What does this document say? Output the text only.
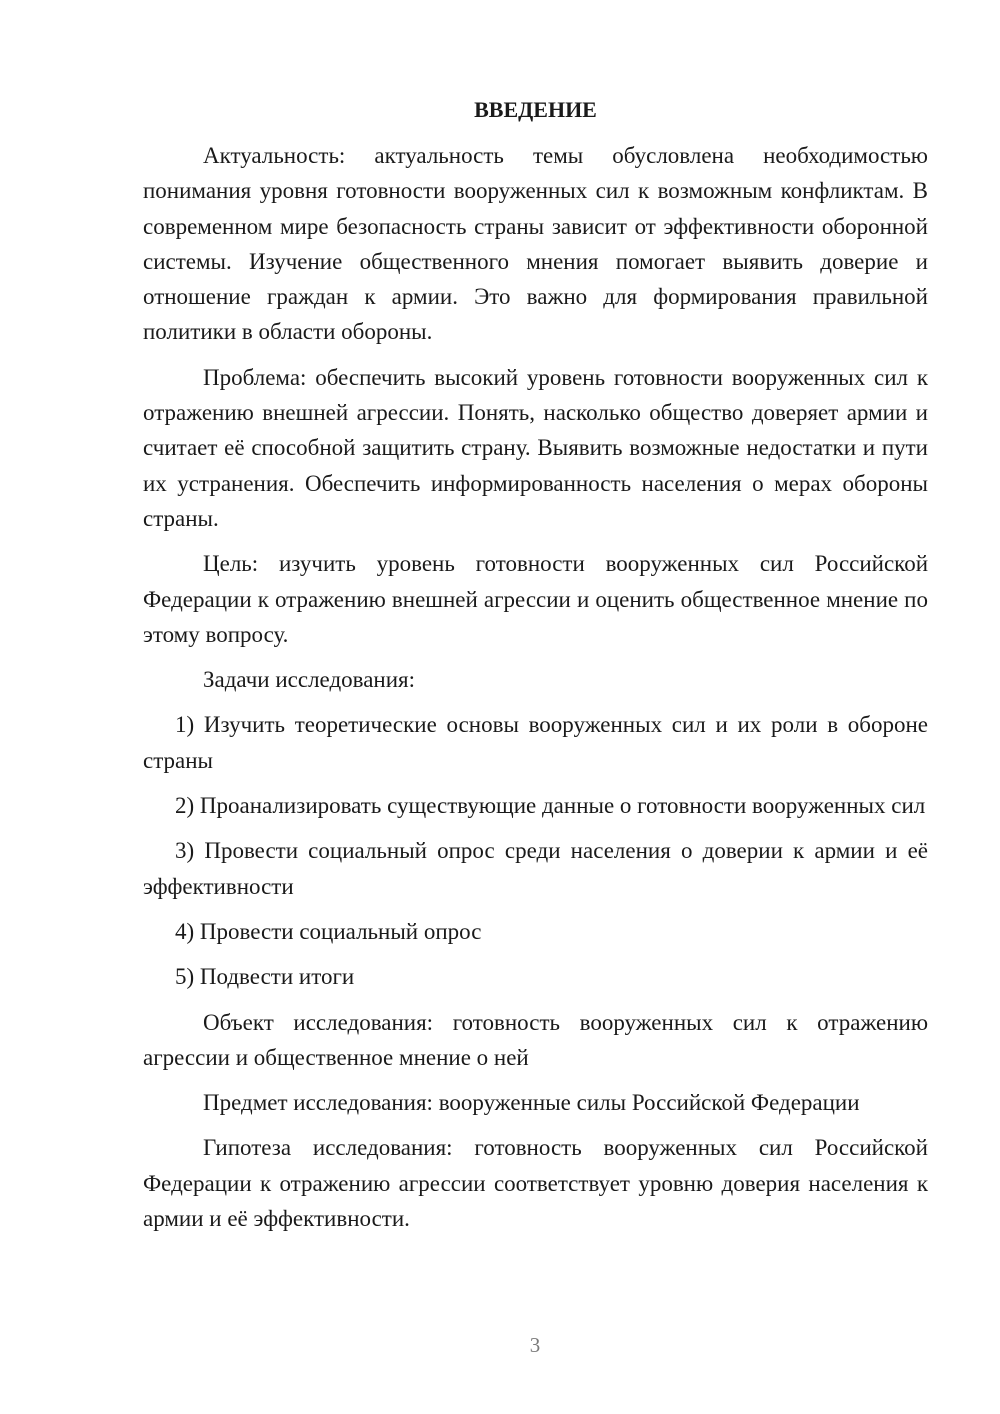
ВВЕДЕНИЕ

Актуальность: актуальность темы обусловлена необходимостью понимания уровня готовности вооруженных сил к возможным конфликтам. В современном мире безопасность страны зависит от эффективности оборонной системы. Изучение общественного мнения помогает выявить доверие и отношение граждан к армии. Это важно для формирования правильной политики в области обороны.

Проблема: обеспечить высокий уровень готовности вооруженных сил к отражению внешней агрессии. Понять, насколько общество доверяет армии и считает её способной защитить страну. Выявить возможные недостатки и пути их устранения. Обеспечить информированность населения о мерах обороны страны.

Цель: изучить уровень готовности вооруженных сил Российской Федерации к отражению внешней агрессии и оценить общественное мнение по этому вопросу.

Задачи исследования:

1) Изучить теоретические основы вооруженных сил и их роли в обороне страны

2) Проанализировать существующие данные о готовности вооруженных сил

3) Провести социальный опрос среди населения о доверии к армии и её эффективности

4) Провести социальный опрос

5) Подвести итоги

Объект исследования: готовность вооруженных сил к отражению агрессии и общественное мнение о ней

Предмет исследования: вооруженные силы Российской Федерации

Гипотеза исследования: готовность вооруженных сил Российской Федерации к отражению агрессии соответствует уровню доверия населения к армии и её эффективности.

3
